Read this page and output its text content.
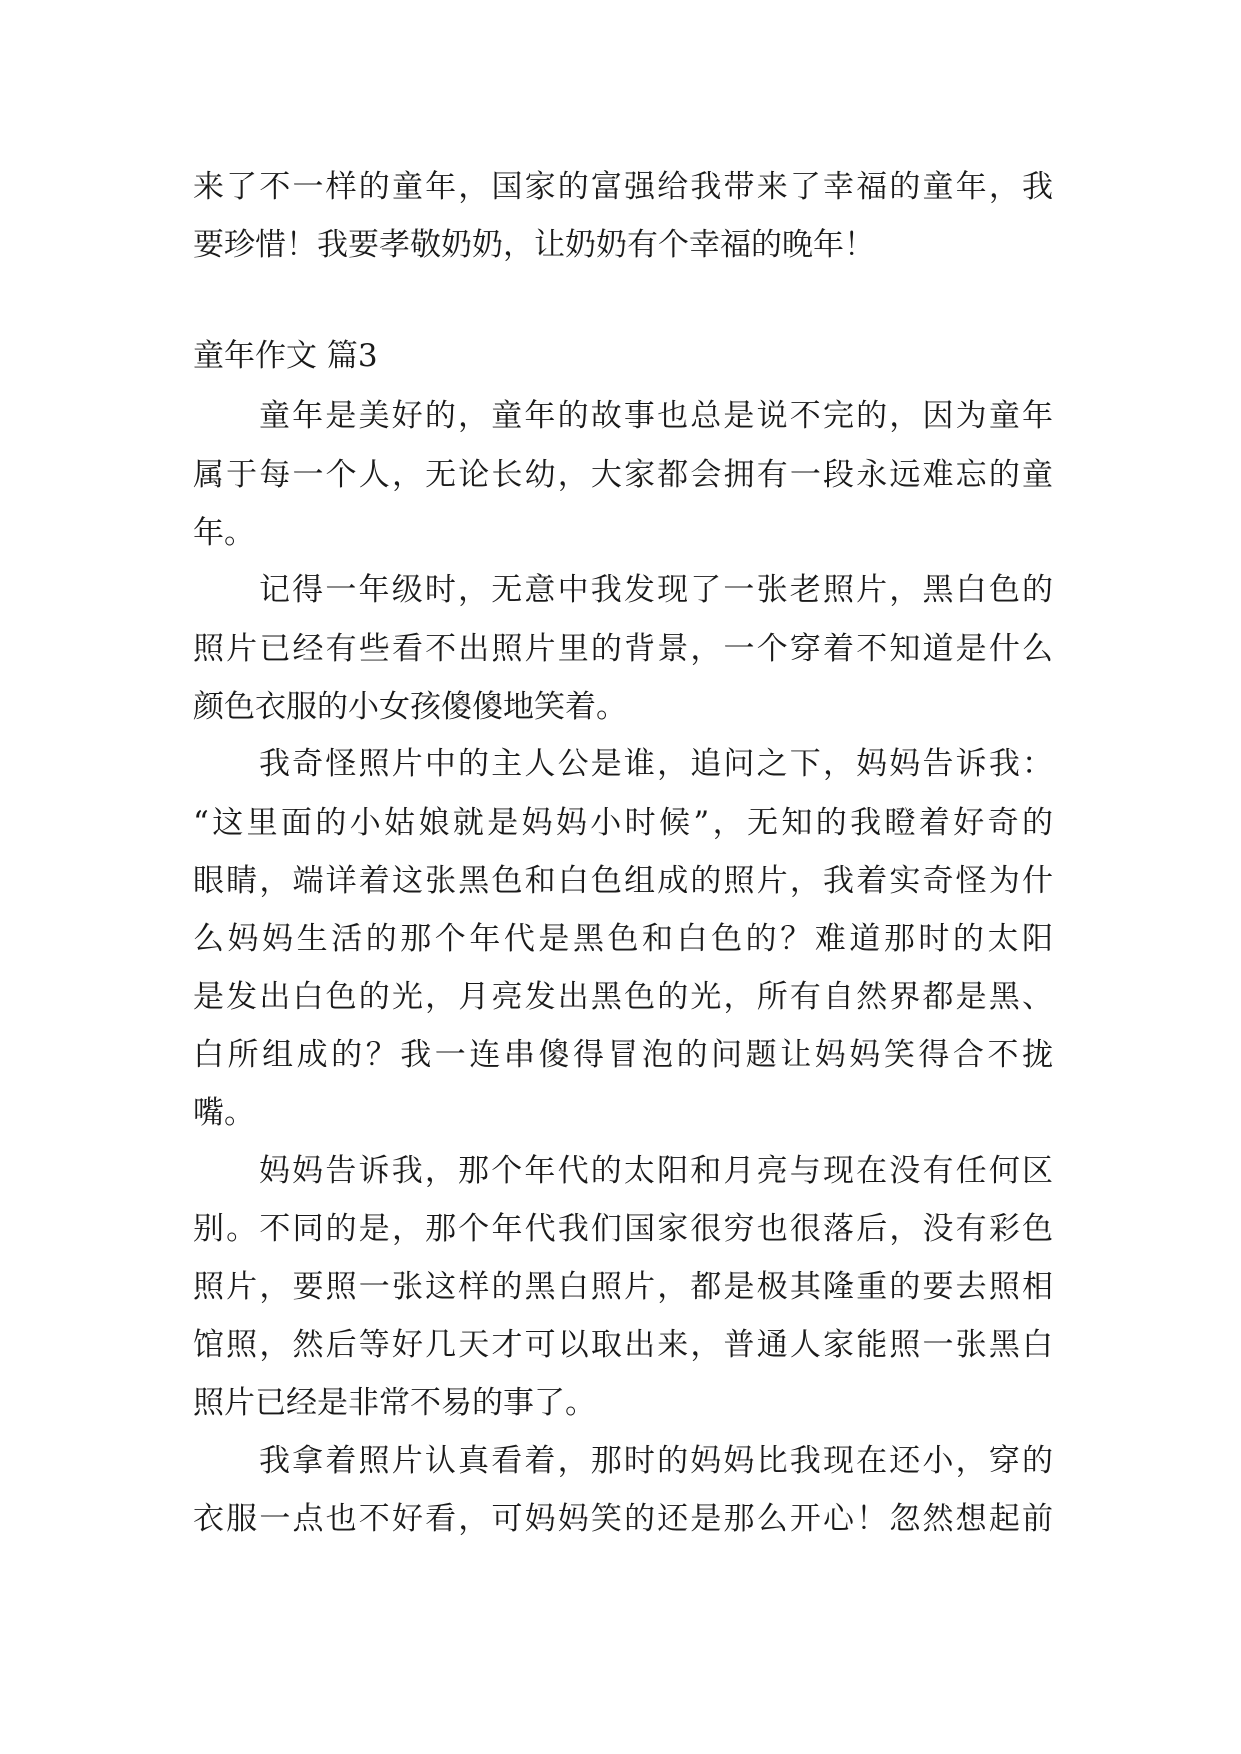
来了不一样的童年，国家的富强给我带来了幸福的童年，我
要珍惜！我要孝敬奶奶，让奶奶有个幸福的晚年！
童年作文 篇3
童年是美好的，童年的故事也总是说不完的，因为童年
属于每一个人，无论长幼，大家都会拥有一段永远难忘的童
年。
记得一年级时，无意中我发现了一张老照片，黑白色的
照片已经有些看不出照片里的背景，一个穿着不知道是什么
颜色衣服的小女孩傻傻地笑着。
我奇怪照片中的主人公是谁，追问之下，妈妈告诉我：
“这里面的小姑娘就是妈妈小时候”，无知的我瞪着好奇的
眼睛，端详着这张黑色和白色组成的照片，我着实奇怪为什
么妈妈生活的那个年代是黑色和白色的？难道那时的太阳
是发出白色的光，月亮发出黑色的光，所有自然界都是黑、
白所组成的？我一连串傻得冒泡的问题让妈妈笑得合不拢
嘴。
妈妈告诉我，那个年代的太阳和月亮与现在没有任何区
别。不同的是，那个年代我们国家很穷也很落后，没有彩色
照片，要照一张这样的黑白照片，都是极其隆重的要去照相
馆照，然后等好几天才可以取出来，普通人家能照一张黑白
照片已经是非常不易的事了。
我拿着照片认真看着，那时的妈妈比我现在还小，穿的
衣服一点也不好看，可妈妈笑的还是那么开心！忽然想起前
